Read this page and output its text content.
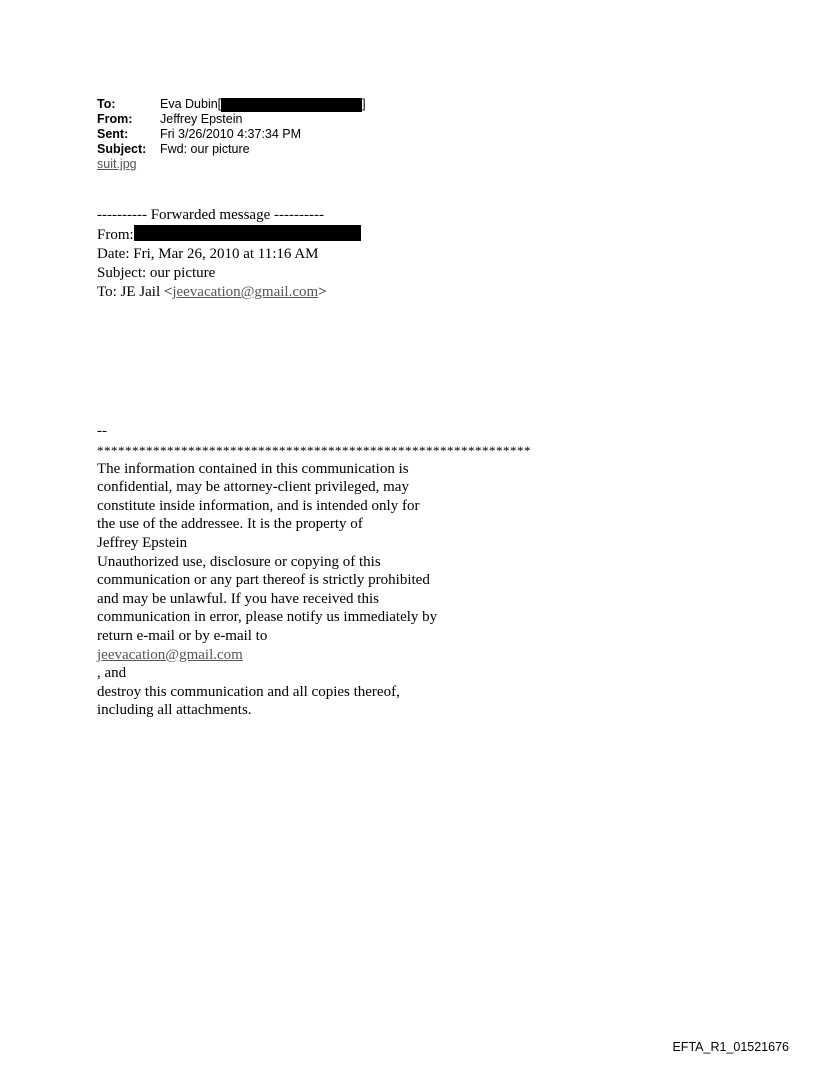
To:	Eva Dubin[	]
From:	Jeffrey Epstein
Sent:	Fri 3/26/2010 4:37:34 PM
Subject:	Fwd: our picture
suit.jpg
---------- Forwarded message ----------
From:
Date: Fri, Mar 26, 2010 at 11:16 AM
Subject: our picture
To: JE Jail <jeevacation@gmail.com>
--
**************************************************************
The information contained in this communication is
confidential, may be attorney-client privileged, may
constitute inside information, and is intended only for
the use of the addressee. It is the property of
Jeffrey Epstein
Unauthorized use, disclosure or copying of this
communication or any part thereof is strictly prohibited
and may be unlawful. If you have received this
communication in error, please notify us immediately by
return e-mail or by e-mail to
jeevacation@gmail.com
, and
destroy this communication and all copies thereof,
including all attachments.
EFTA_R1_01521676
